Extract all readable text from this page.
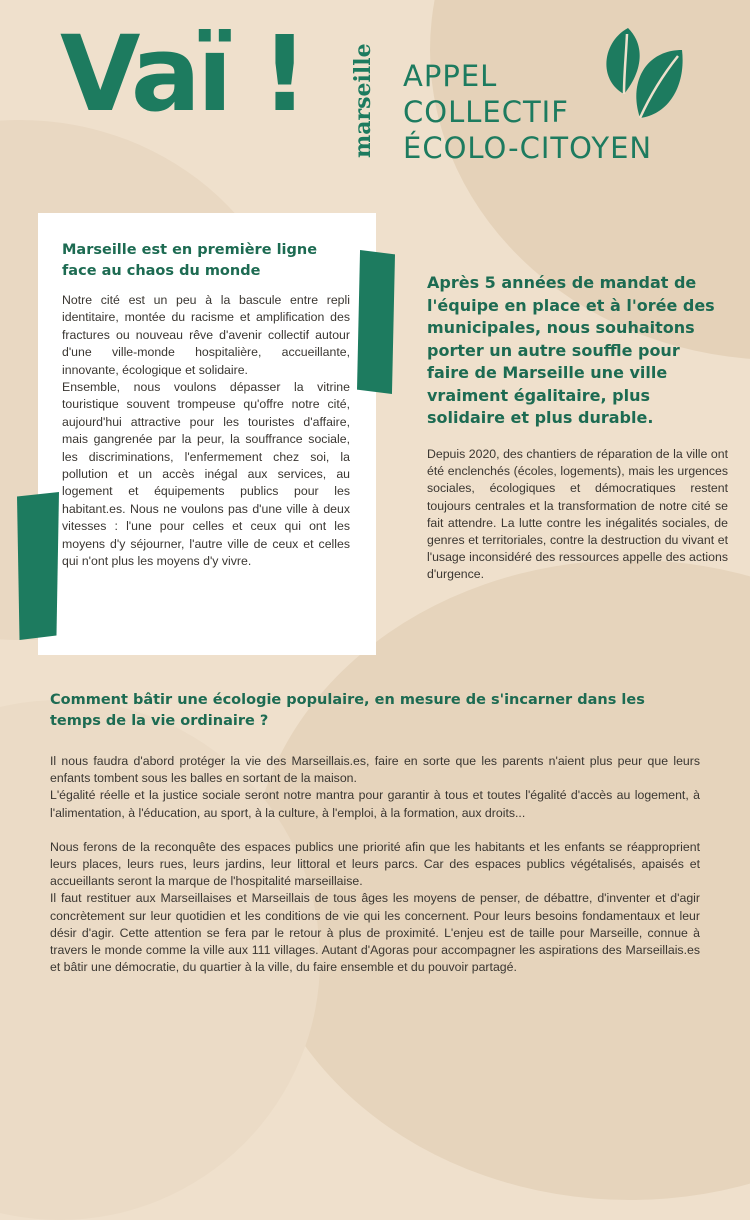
Vaï ! marseille APPEL
COLLECTIF
ÉCOLO-CITOYEN
Marseille est en première ligne face au chaos du monde

Notre cité est un peu à la bascule entre repli identitaire, montée du racisme et amplification des fractures ou nouveau rêve d'avenir collectif autour d'une ville-monde hospitalière, accueillante, innovante, écologique et solidaire.

Ensemble, nous voulons dépasser la vitrine touristique souvent trompeuse qu'offre notre cité, aujourd'hui attractive pour les touristes d'affaire, mais gangrenée par la peur, la souffrance sociale, les discriminations, l'enfermement chez soi, la pollution et un accès inégal aux services, au logement et équipements publics pour les habitant.es. Nous ne voulons pas d'une ville à deux vitesses : l'une pour celles et ceux qui ont les moyens d'y séjourner, l'autre ville de ceux et celles qui n'ont plus les moyens d'y vivre.

Après 5 années de mandat de l'équipe en place et à l'orée des municipales, nous souhaitons porter un autre souffle pour faire de Marseille une ville vraiment égalitaire, plus solidaire et plus durable.

Depuis 2020, des chantiers de réparation de la ville ont été enclenchés (écoles, logements), mais les urgences sociales, écologiques et démocratiques restent toujours centrales et la transformation de notre cité se fait attendre. La lutte contre les inégalités sociales, de genres et territoriales, contre la destruction du vivant et l'usage inconsidéré des ressources appelle des actions d'urgence.

Comment bâtir une écologie populaire, en mesure de s'incarner dans les temps de la vie ordinaire ?

Il nous faudra d'abord protéger la vie des Marseillais.es, faire en sorte que les parents n'aient plus peur que leurs enfants tombent sous les balles en sortant de la maison.

L'égalité réelle et la justice sociale seront notre mantra pour garantir à tous et toutes l'égalité d'accès au logement, à l'alimentation, à l'éducation, au sport, à la culture, à l'emploi, à la formation, aux droits...

Nous ferons de la reconquête des espaces publics une priorité afin que les habitants et les enfants se réapproprient leurs places, leurs rues, leurs jardins, leur littoral et leurs parcs. Car des espaces publics végétalisés, apaisés et accueillants seront la marque de l'hospitalité marseillaise.

Il faut restituer aux Marseillaises et Marseillais de tous âges les moyens de penser, de débattre, d'inventer et d'agir concrètement sur leur quotidien et les conditions de vie qui les concernent. Pour leurs besoins fondamentaux et leur désir d'agir. Cette attention se fera par le retour à plus de proximité. L'enjeu est de taille pour Marseille, connue à travers le monde comme la ville aux 111 villages. Autant d'Agoras pour accompagner les aspirations des Marseillais.es et bâtir une démocratie, du quartier à la ville, du faire ensemble et du pouvoir partagé.
